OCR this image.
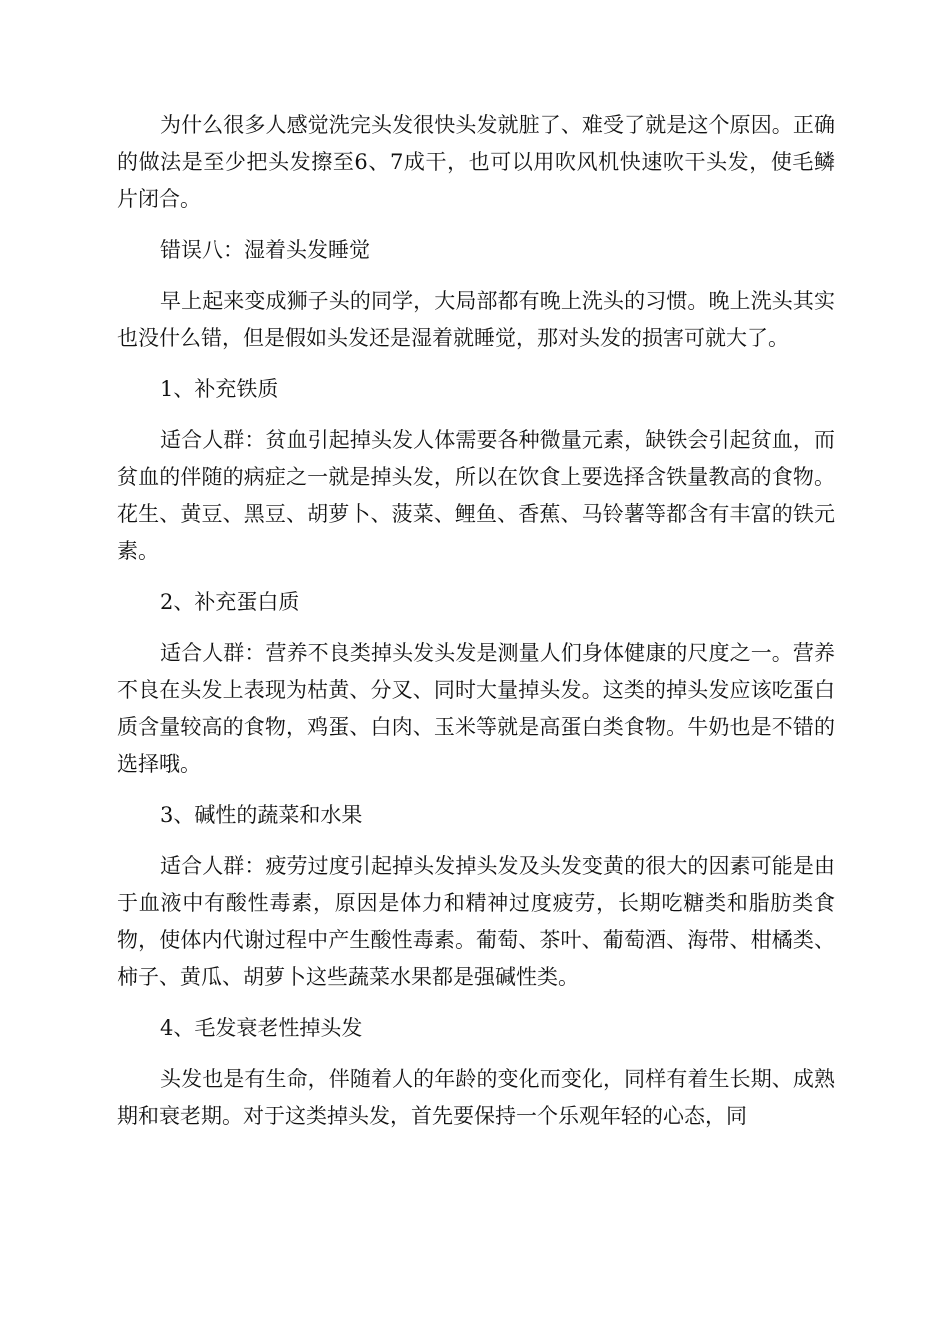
为什么很多人感觉洗完头发很快头发就脏了、难受了就是这个原因。正确的做法是至少把头发擦至6、7成干，也可以用吹风机快速吹干头发，使毛鳞片闭合。

错误八：湿着头发睡觉

早上起来变成狮子头的同学，大局部都有晚上洗头的习惯。晚上洗头其实也没什么错，但是假如头发还是湿着就睡觉，那对头发的损害可就大了。

1、补充铁质

适合人群：贫血引起掉头发人体需要各种微量元素，缺铁会引起贫血，而贫血的伴随的病症之一就是掉头发，所以在饮食上要选择含铁量教高的食物。花生、黄豆、黑豆、胡萝卜、菠菜、鲤鱼、香蕉、马铃薯等都含有丰富的铁元素。

2、补充蛋白质

适合人群：营养不良类掉头发头发是测量人们身体健康的尺度之一。营养不良在头发上表现为枯黄、分叉、同时大量掉头发。这类的掉头发应该吃蛋白质含量较高的食物，鸡蛋、白肉、玉米等就是高蛋白类食物。牛奶也是不错的选择哦。

3、碱性的蔬菜和水果

适合人群：疲劳过度引起掉头发掉头发及头发变黄的很大的因素可能是由于血液中有酸性毒素，原因是体力和精神过度疲劳，长期吃糖类和脂肪类食物，使体内代谢过程中产生酸性毒素。葡萄、茶叶、葡萄酒、海带、柑橘类、柿子、黄瓜、胡萝卜这些蔬菜水果都是强碱性类。

4、毛发衰老性掉头发

头发也是有生命，伴随着人的年龄的变化而变化，同样有着生长期、成熟期和衰老期。对于这类掉头发，首先要保持一个乐观年轻的心态，同
